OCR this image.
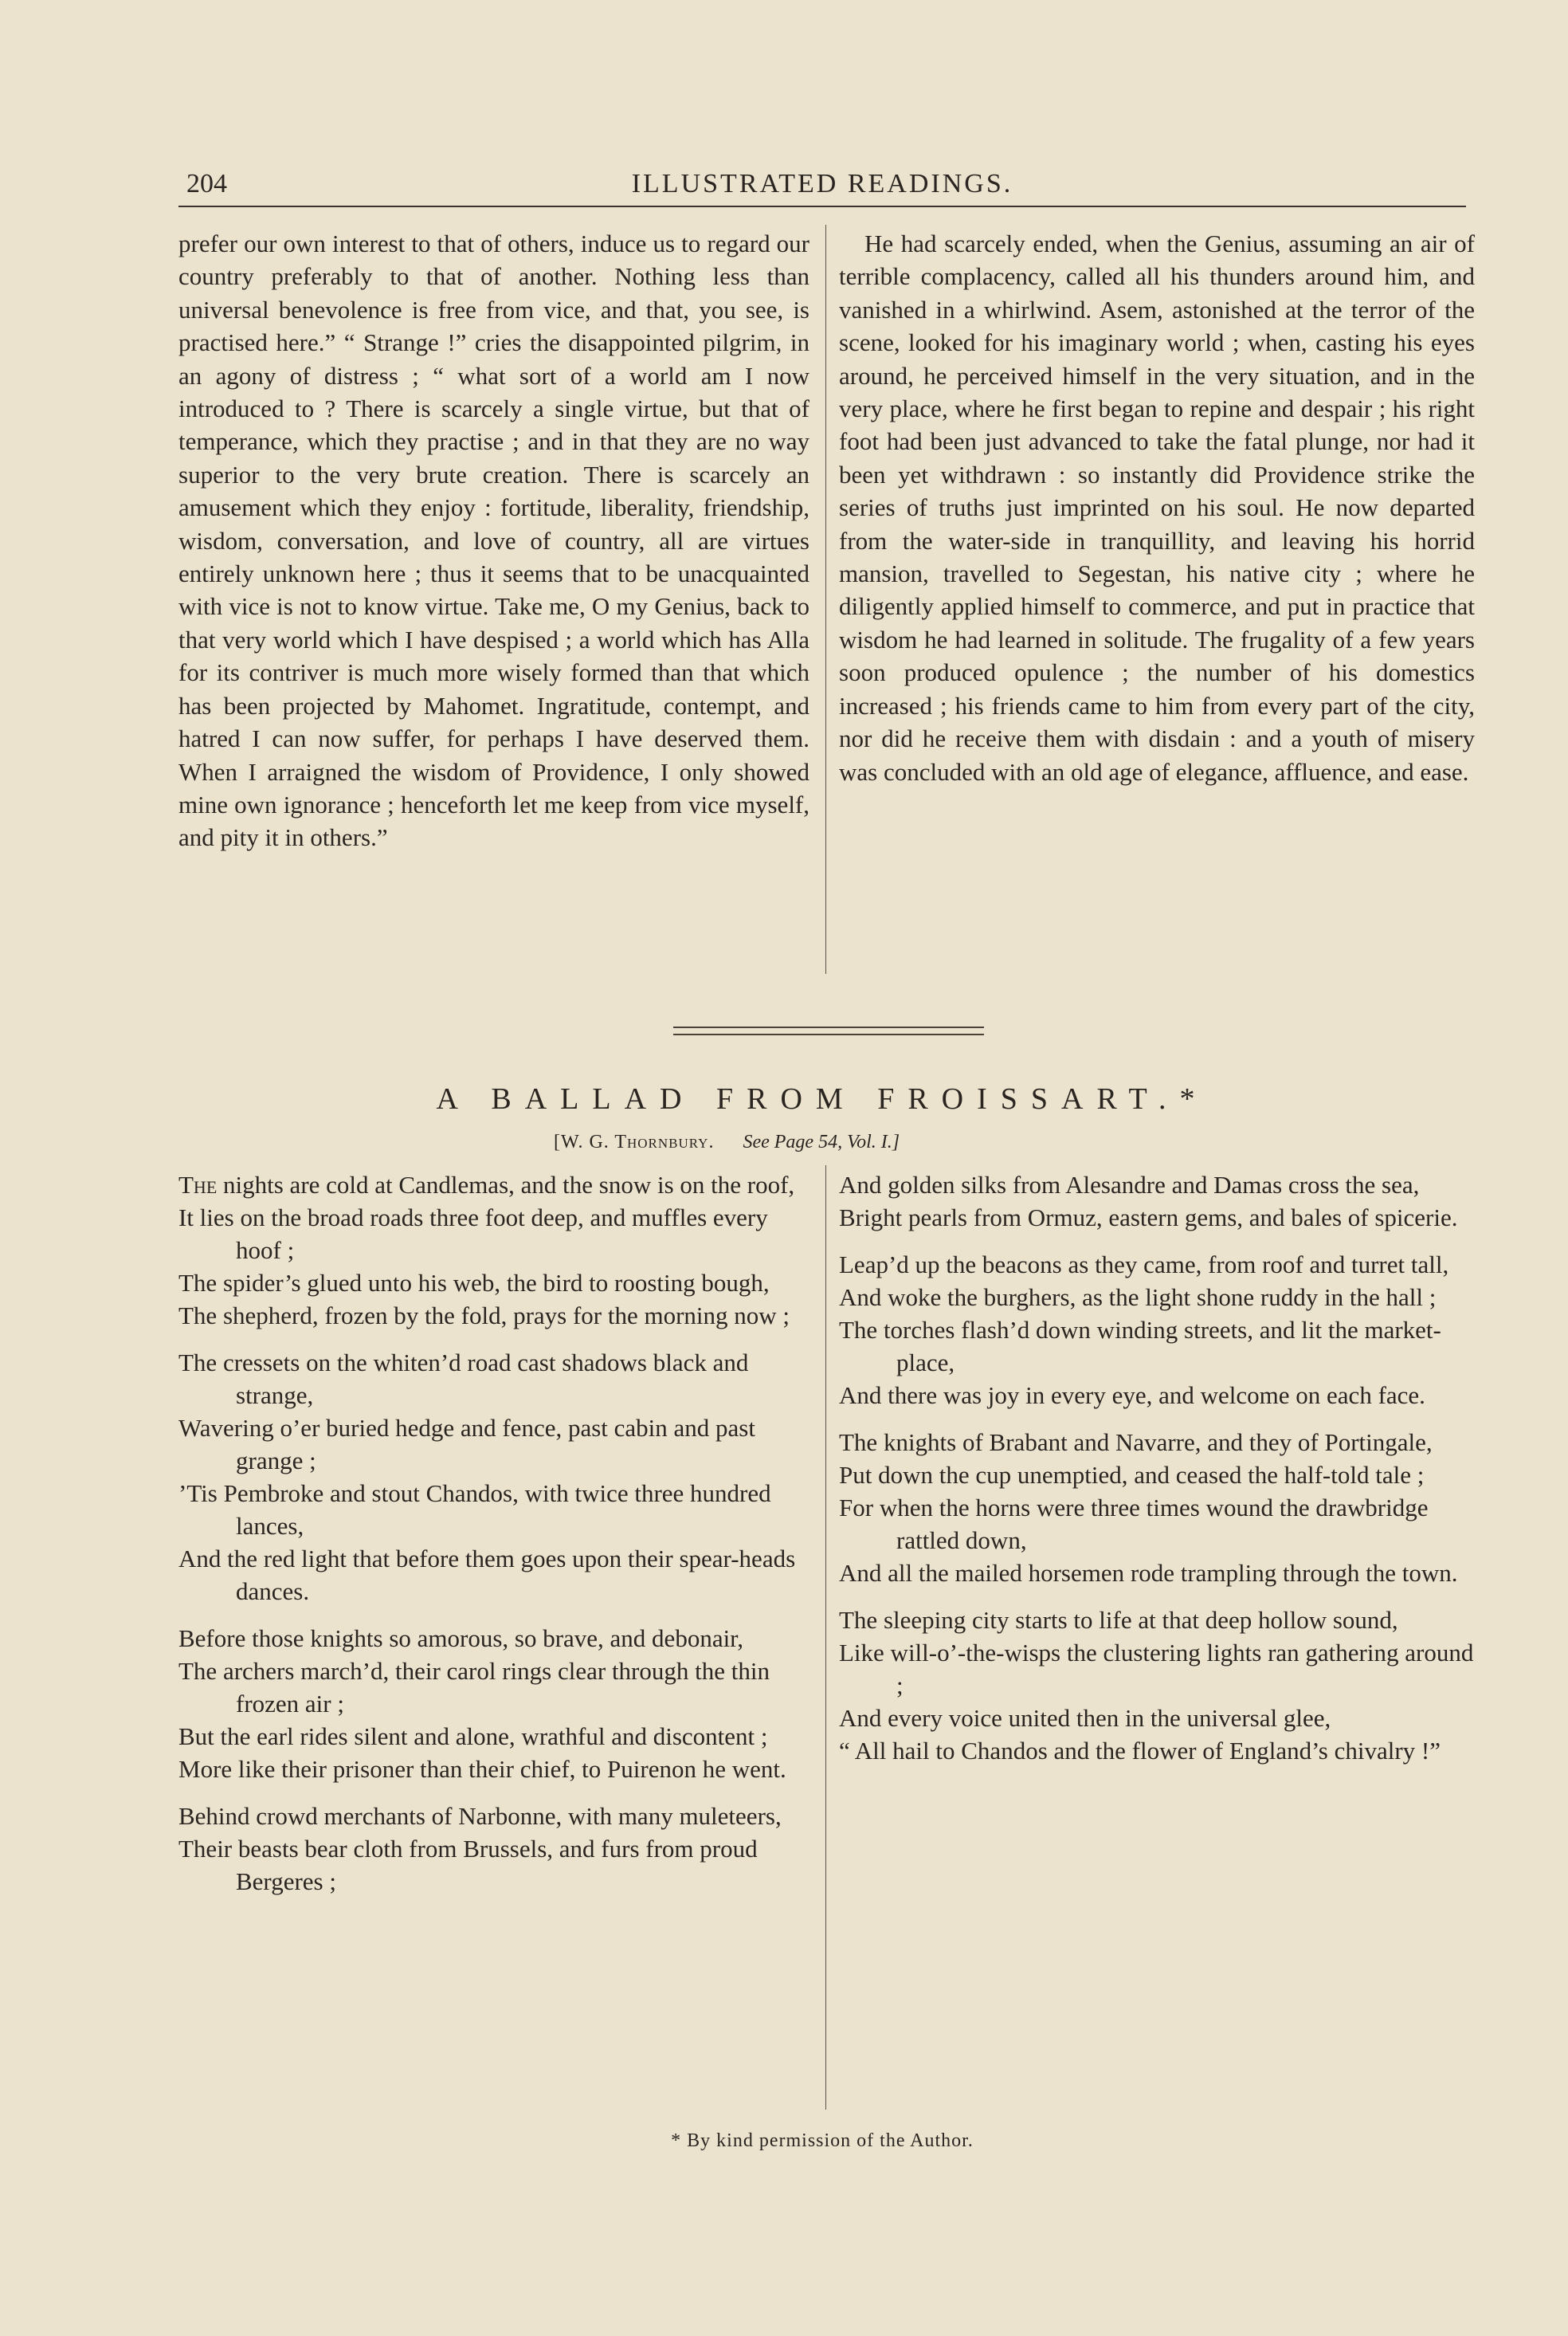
204	ILLUSTRATED READINGS.

prefer our own interest to that of others, induce us to regard our country preferably to that of another. Nothing less than universal benevolence is free from vice, and that, you see, is practised here.” “ Strange !” cries the disappointed pilgrim, in an agony of distress ; “ what sort of a world am I now introduced to ? There is scarcely a single virtue, but that of temperance, which they practise ; and in that they are no way superior to the very brute creation. There is scarcely an amusement which they enjoy : fortitude, liberality, friendship, wisdom, conversation, and love of country, all are virtues entirely unknown here ; thus it seems that to be unacquainted with vice is not to know virtue. Take me, O my Genius, back to that very world which I have despised ; a world which has Alla for its contriver is much more wisely formed than that which has been projected by Mahomet. Ingratitude, contempt, and hatred I can now suffer, for perhaps I have deserved them. When I arraigned the wisdom of Providence, I only showed mine own ignorance ; henceforth let me keep from vice myself, and pity it in others.”

He had scarcely ended, when the Genius, assuming an air of terrible complacency, called all his thunders around him, and vanished in a whirlwind. Asem, astonished at the terror of the scene, looked for his imaginary world ; when, casting his eyes around, he perceived himself in the very situation, and in the very place, where he first began to repine and despair ; his right foot had been just advanced to take the fatal plunge, nor had it been yet withdrawn : so instantly did Providence strike the series of truths just imprinted on his soul. He now departed from the water-side in tranquillity, and leaving his horrid mansion, travelled to Segestan, his native city ; where he diligently applied himself to commerce, and put in practice that wisdom he had learned in solitude. The frugality of a few years soon produced opulence ; the number of his domestics increased ; his friends came to him from every part of the city, nor did he receive them with disdain : and a youth of misery was concluded with an old age of elegance, affluence, and ease.

A BALLAD FROM FROISSART.*
[W. G. Thornbury. See Page 54, Vol. I.]

The nights are cold at Candlemas, and the snow is on the roof,

It lies on the broad roads three foot deep, and muffles every hoof ;

The spider’s glued unto his web, the bird to roosting bough,

The shepherd, frozen by the fold, prays for the morning now ;

The cressets on the whiten’d road cast shadows black and strange,

Wavering o’er buried hedge and fence, past cabin and past grange ;

’Tis Pembroke and stout Chandos, with twice three hundred lances,

And the red light that before them goes upon their spear-heads dances.

Before those knights so amorous, so brave, and debonair,

The archers march’d, their carol rings clear through the thin frozen air ;

But the earl rides silent and alone, wrathful and discontent ;

More like their prisoner than their chief, to Puirenon he went.

Behind crowd merchants of Narbonne, with many muleteers,

Their beasts bear cloth from Brussels, and furs from proud Bergeres ;

And golden silks from Alesandre and Damas cross the sea,

Bright pearls from Ormuz, eastern gems, and bales of spicerie.

Leap’d up the beacons as they came, from roof and turret tall,

And woke the burghers, as the light shone ruddy in the hall ;

The torches flash’d down winding streets, and lit the market-place,

And there was joy in every eye, and welcome on each face.

The knights of Brabant and Navarre, and they of Portingale,

Put down the cup unemptied, and ceased the half-told tale ;

For when the horns were three times wound the drawbridge rattled down,

And all the mailed horsemen rode trampling through the town.

The sleeping city starts to life at that deep hollow sound,

Like will-o’-the-wisps the clustering lights ran gathering around ;

And every voice united then in the universal glee,

“ All hail to Chandos and the flower of England’s chivalry !”

* By kind permission of the Author.
